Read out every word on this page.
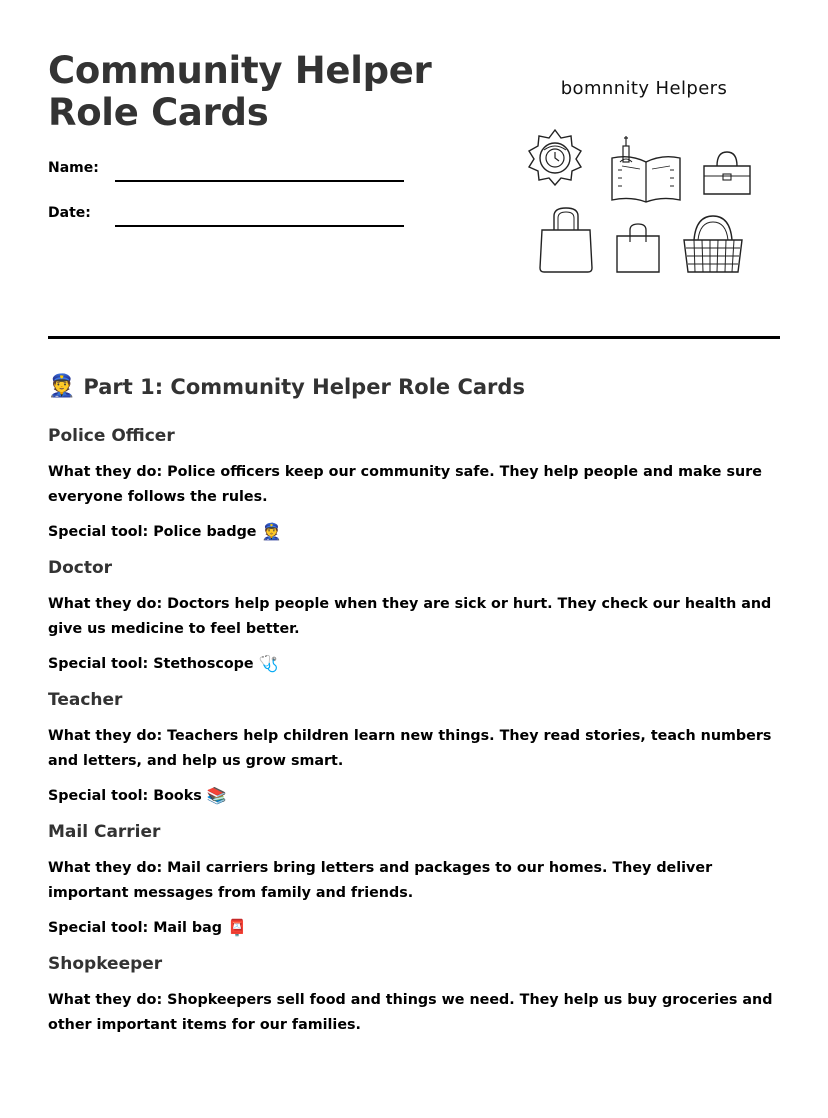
Community Helper Role Cards
Name:
Date:
bomnnity Helpers
👮 Part 1: Community Helper Role Cards
Police Officer

What they do: Police officers keep our community safe. They help people and make sure everyone follows the rules.

Special tool: Police badge 👮

Doctor

What they do: Doctors help people when they are sick or hurt. They check our health and give us medicine to feel better.

Special tool: Stethoscope 🩺

Teacher

What they do: Teachers help children learn new things. They read stories, teach numbers and letters, and help us grow smart.

Special tool: Books 📚

Mail Carrier

What they do: Mail carriers bring letters and packages to our homes. They deliver important messages from family and friends.

Special tool: Mail bag 📮

Shopkeeper

What they do: Shopkeepers sell food and things we need. They help us buy groceries and other important items for our families.
